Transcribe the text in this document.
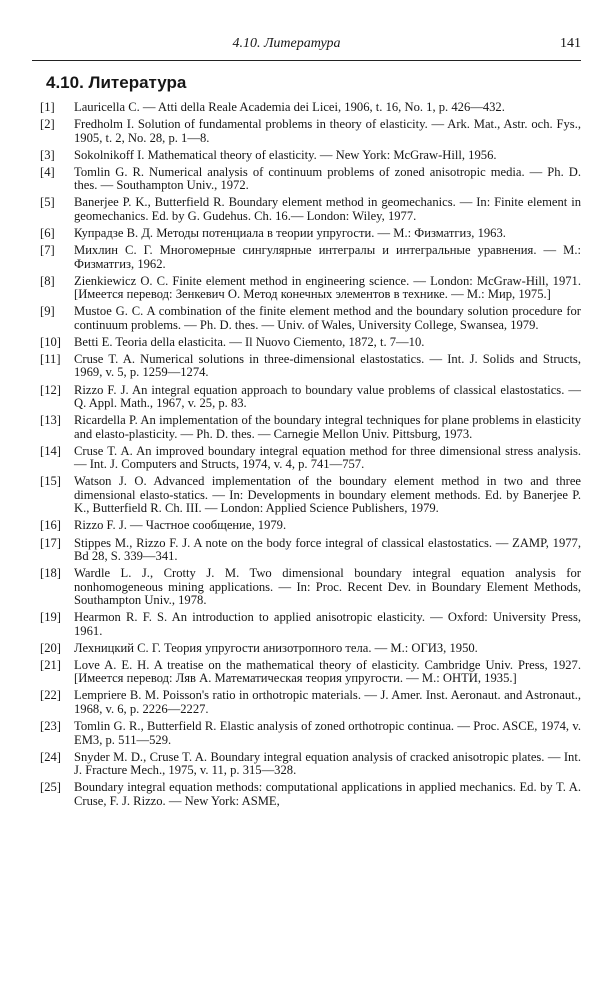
4.10. Литература	141
4.10. Литература
[1]	Lauricella C. — Atti della Reale Academia dei Licei, 1906, t. 16, No. 1, p. 426—432.
[2]	Fredholm I. Solution of fundamental problems in theory of elasticity. — Ark. Mat., Astr. och. Fys., 1905, t. 2, No. 28, p. 1—8.
[3]	Sokolnikoff I. Mathematical theory of elasticity. — New York: McGraw-Hill, 1956.
[4]	Tomlin G. R. Numerical analysis of continuum problems of zoned anisotropic media. — Ph. D. thes. — Southampton Univ., 1972.
[5]	Banerjee P. K., Butterfield R. Boundary element method in geomechanics. — In: Finite element in geomechanics. Ed. by G. Gudehus. Ch. 16.— London: Wiley, 1977.
[6]	Купрадзе В. Д. Методы потенциала в теории упругости. — М.: Физматгиз, 1963.
[7]	Михлин С. Г. Многомерные сингулярные интегралы и интегральные уравнения. — М.: Физматгиз, 1962.
[8]	Zienkiewicz O. C. Finite element method in engineering science. — London: McGraw-Hill, 1971. [Имеется перевод: Зенкевич О. Метод конечных элементов в технике. — М.: Мир, 1975.]
[9]	Mustoe G. C. A combination of the finite element method and the boundary solution procedure for continuum problems. — Ph. D. thes. — Univ. of Wales, University College, Swansea, 1979.
[10]	Betti E. Teoria della elasticita. — Il Nuovo Ciemento, 1872, t. 7—10.
[11]	Cruse T. A. Numerical solutions in three-dimensional elastostatics. — Int. J. Solids and Structs, 1969, v. 5, p. 1259—1274.
[12]	Rizzo F. J. An integral equation approach to boundary value problems of classical elastostatics. — Q. Appl. Math., 1967, v. 25, p. 83.
[13]	Ricardella P. An implementation of the boundary integral techniques for plane problems in elasticity and elasto-plasticity. — Ph. D. thes. — Carnegie Mellon Univ. Pittsburg, 1973.
[14]	Cruse T. A. An improved boundary integral equation method for three dimensional stress analysis. — Int. J. Computers and Structs, 1974, v. 4, p. 741—757.
[15]	Watson J. O. Advanced implementation of the boundary element method in two and three dimensional elasto-statics. — In: Developments in boundary element methods. Ed. by Banerjee P. K., Butterfield R. Ch. III. — London: Applied Science Publishers, 1979.
[16]	Rizzo F. J. — Частное сообщение, 1979.
[17]	Stippes M., Rizzo F. J. A note on the body force integral of classical elastostatics. — ZAMP, 1977, Bd 28, S. 339—341.
[18]	Wardle L. J., Crotty J. M. Two dimensional boundary integral equation analysis for nonhomogeneous mining applications. — In: Proc. Recent Dev. in Boundary Element Methods, Southampton Univ., 1978.
[19]	Hearmon R. F. S. An introduction to applied anisotropic elasticity. — Oxford: University Press, 1961.
[20]	Лехницкий С. Г. Теория упругости анизотропного тела. — М.: ОГИЗ, 1950.
[21]	Love A. E. H. A treatise on the mathematical theory of elasticity. Cambridge Univ. Press, 1927. [Имеется перевод: Ляв А. Математическая теория упругости. — М.: ОНТИ, 1935.]
[22]	Lempriere B. M. Poisson's ratio in orthotropic materials. — J. Amer. Inst. Aeronaut. and Astronaut., 1968, v. 6, p. 2226—2227.
[23]	Tomlin G. R., Butterfield R. Elastic analysis of zoned orthotropic continua. — Proc. ASCE, 1974, v. EM3, p. 511—529.
[24]	Snyder M. D., Cruse T. A. Boundary integral equation analysis of cracked anisotropic plates. — Int. J. Fracture Mech., 1975, v. 11, p. 315—328.
[25]	Boundary integral equation methods: computational applications in applied mechanics. Ed. by T. A. Cruse, F. J. Rizzo. — New York: ASME,
